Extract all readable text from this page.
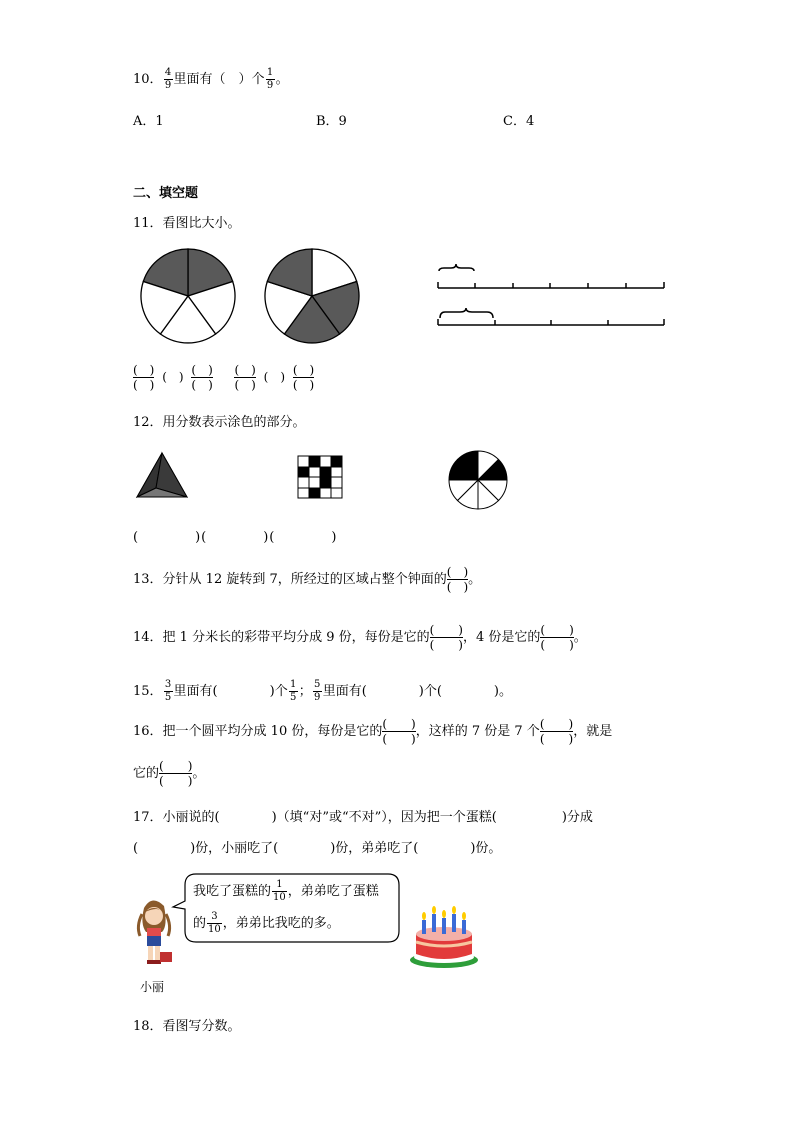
10． $\frac{4}{9}$ 里面有（　）个 $\frac{1}{9}$ 。
A．1	B．9	C．4
二、填空题
11．看图比大小。
(　)
(　)
(　) (　)
(　)

(　)
(　)
(　) (　)
(　)
12．用分数表示涂色的部分。
(　　　　)(　　　　)(　　　　)
13．分针从 12 旋转到 7，所经过的区域占整个钟面的 (　)
(　) 。
14．把 1 分米长的彩带平均分成 9 份，每份是它的 (　　)
(　　) ，4 份是它的 (　　)
(　　) 。
15． $\frac{3}{5}$ 里面有(　　　　)个 $\frac{1}{5}$ ； $\frac{5}{9}$ 里面有(　　　　)个(　　　　)。
16．把一个圆平均分成 10 份，每份是它的 (　　)
(　　) ，这样的 7 份是 7 个 (　　)
(　　) ，就是
它的 (　　)
(　　) 。
17．小丽说的(　　　　)（填“对”或“不对”），因为把一个蛋糕(　　　　　)分成
(　　　　)份，小丽吃了(　　　　)份，弟弟吃了(　　　　)份。
小丽
我吃了蛋糕的 $\frac{1}{10}$ ，弟弟吃了蛋糕
的 $\frac{3}{10}$ ，弟弟比我吃的多。
18．看图写分数。
